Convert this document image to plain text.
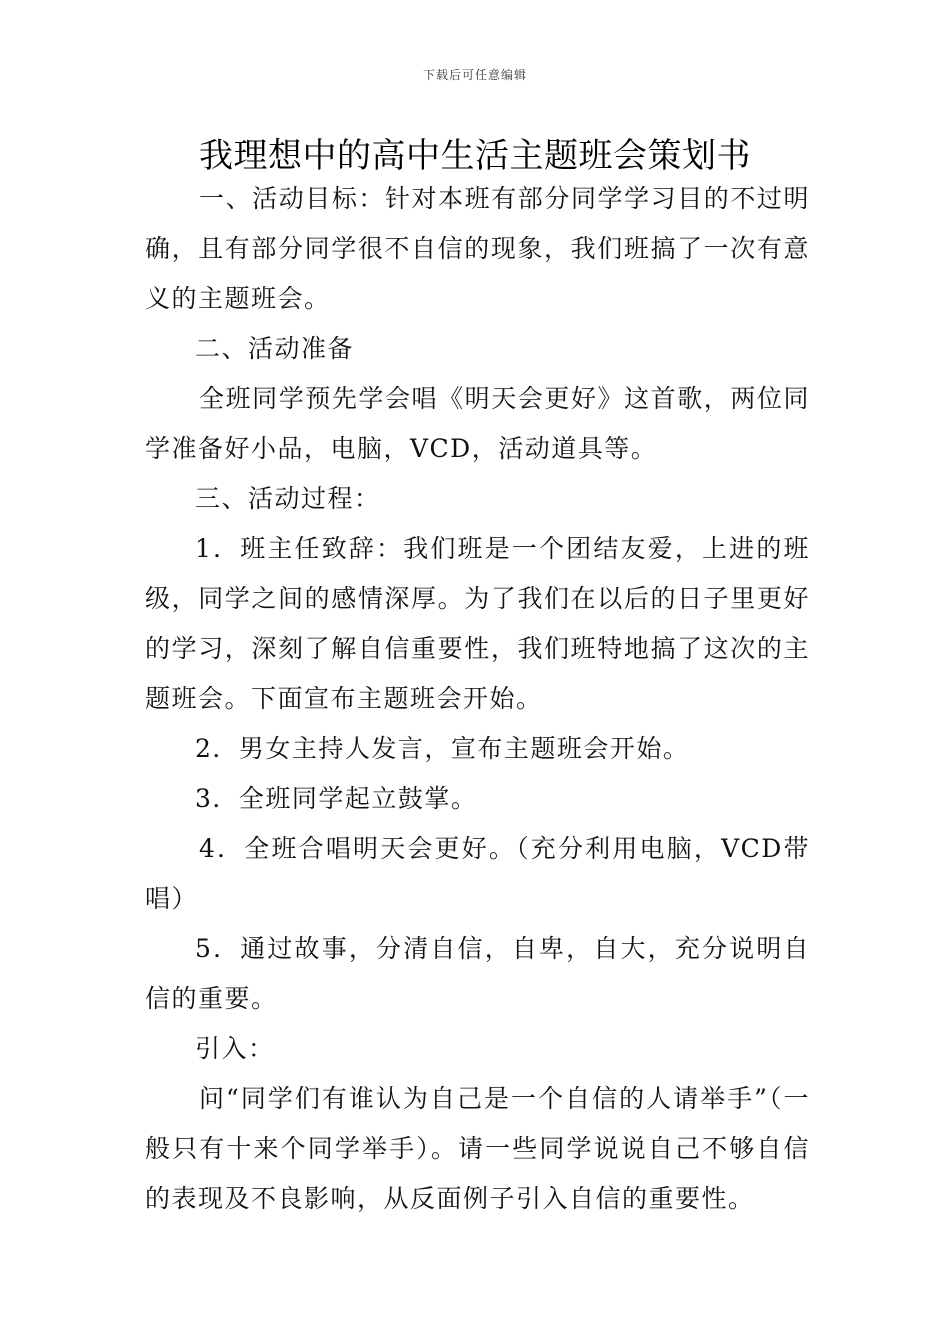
下载后可任意编辑
我理想中的高中生活主题班会策划书

一、活动目标：针对本班有部分同学学习目的不过明确，且有部分同学很不自信的现象，我们班搞了一次有意义的主题班会。

二、活动准备

全班同学预先学会唱《明天会更好》这首歌，两位同学准备好小品，电脑，VCD，活动道具等。

三、活动过程：

1．班主任致辞：我们班是一个团结友爱，上进的班级，同学之间的感情深厚。为了我们在以后的日子里更好的学习，深刻了解自信重要性，我们班特地搞了这次的主题班会。下面宣布主题班会开始。

2．男女主持人发言，宣布主题班会开始。

3．全班同学起立鼓掌。

4．全班合唱明天会更好。（充分利用电脑，VCD带唱）

5．通过故事，分清自信，自卑，自大，充分说明自信的重要。

引入：

问“同学们有谁认为自己是一个自信的人请举手”（一般只有十来个同学举手）。请一些同学说说自己不够自信的表现及不良影响，从反面例子引入自信的重要性。
